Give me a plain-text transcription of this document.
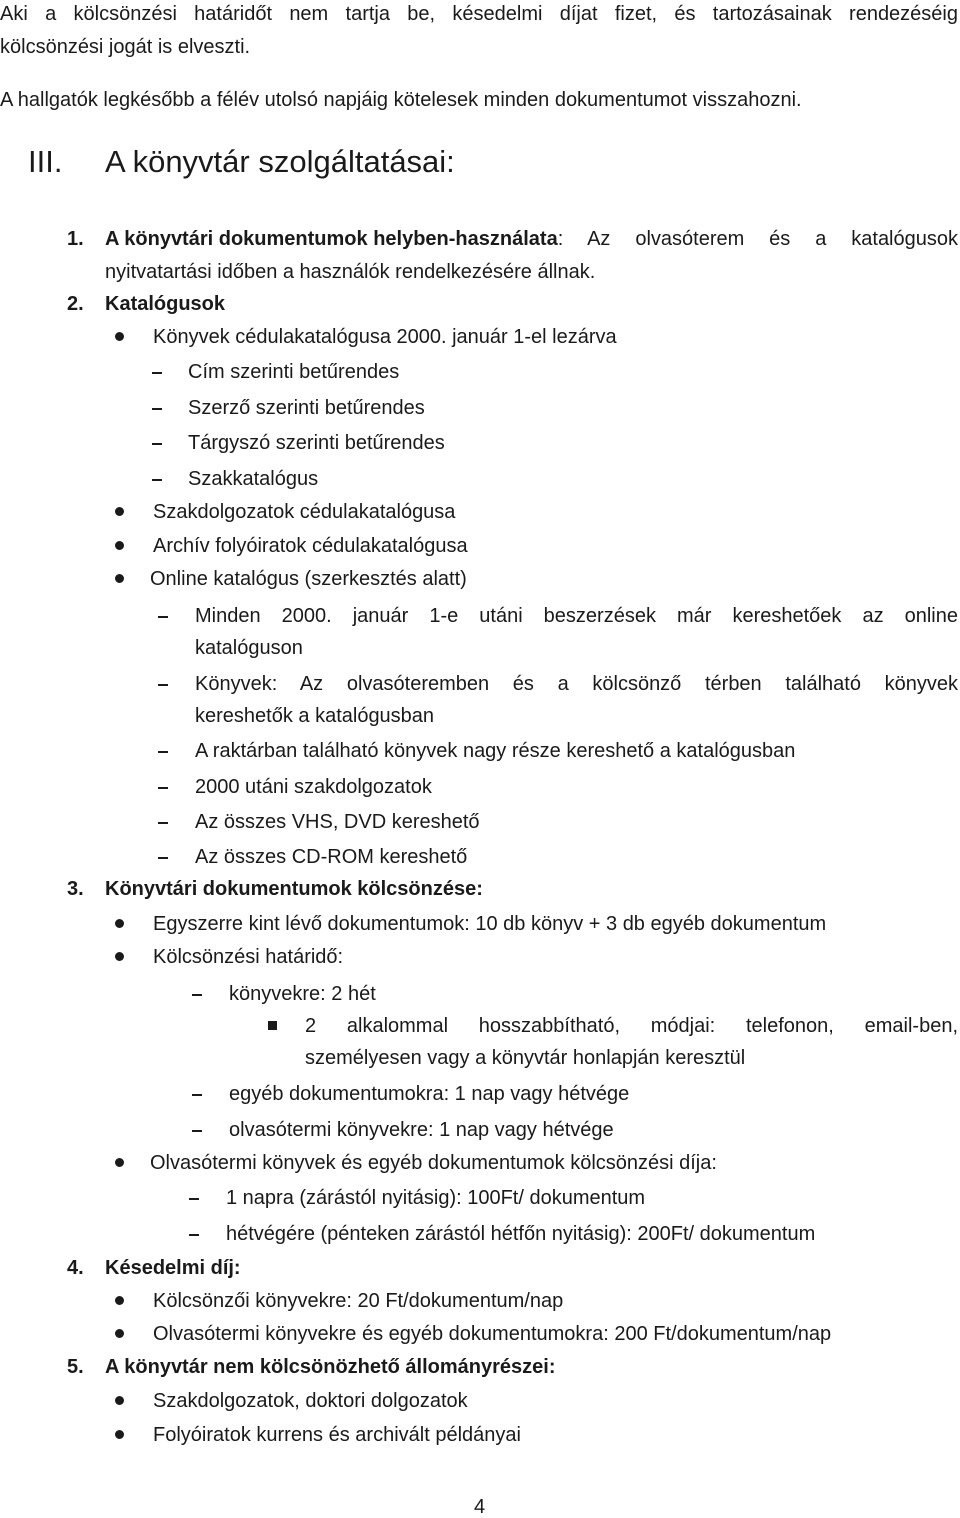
Aki a kölcsönzési határidőt nem tartja be, késedelmi díjat fizet, és tartozásainak rendezéséig
kölcsönzési jogát is elveszti.
A hallgatók legkésőbb a félév utolsó napjáig kötelesek minden dokumentumot visszahozni.
III. A könyvtár szolgáltatásai:
1. A könyvtári dokumentumok helyben-használata : Az olvasóterem és a katalógusok
nyitvatartási időben a használók rendelkezésére állnak.
2. Katalógusok
Könyvek cédulakatalógusa 2000. január 1-el lezárva
Cím szerinti betűrendes
Szerző szerinti betűrendes
Tárgyszó szerinti betűrendes
Szakkatalógus
Szakdolgozatok cédulakatalógusa
Archív folyóiratok cédulakatalógusa
Online katalógus (szerkesztés alatt)
Minden 2000. január 1-e utáni beszerzések már kereshetőek az online
katalóguson
Könyvek: Az olvasóteremben és a kölcsönző térben található könyvek
kereshetők a katalógusban
A raktárban található könyvek nagy része kereshető a katalógusban
2000 utáni szakdolgozatok
Az összes VHS, DVD kereshető
Az összes CD-ROM kereshető
3. Könyvtári dokumentumok kölcsönzése:
Egyszerre kint lévő dokumentumok: 10 db könyv + 3 db egyéb dokumentum
Kölcsönzési határidő:
könyvekre: 2 hét
2 alkalommal hosszabbítható, módjai: telefonon, email-ben,
személyesen vagy a könyvtár honlapján keresztül
egyéb dokumentumokra: 1 nap vagy hétvége
olvasótermi könyvekre: 1 nap vagy hétvége
Olvasótermi könyvek és egyéb dokumentumok kölcsönzési díja:
1 napra (zárástól nyitásig): 100Ft/ dokumentum
hétvégére (pénteken zárástól hétfőn nyitásig): 200Ft/ dokumentum
4. Késedelmi díj:
Kölcsönzői könyvekre: 20 Ft/dokumentum/nap
Olvasótermi könyvekre és egyéb dokumentumokra: 200 Ft/dokumentum/nap
5. A könyvtár nem kölcsönözhető állományrészei:
Szakdolgozatok, doktori dolgozatok
Folyóiratok kurrens és archivált példányai
4
